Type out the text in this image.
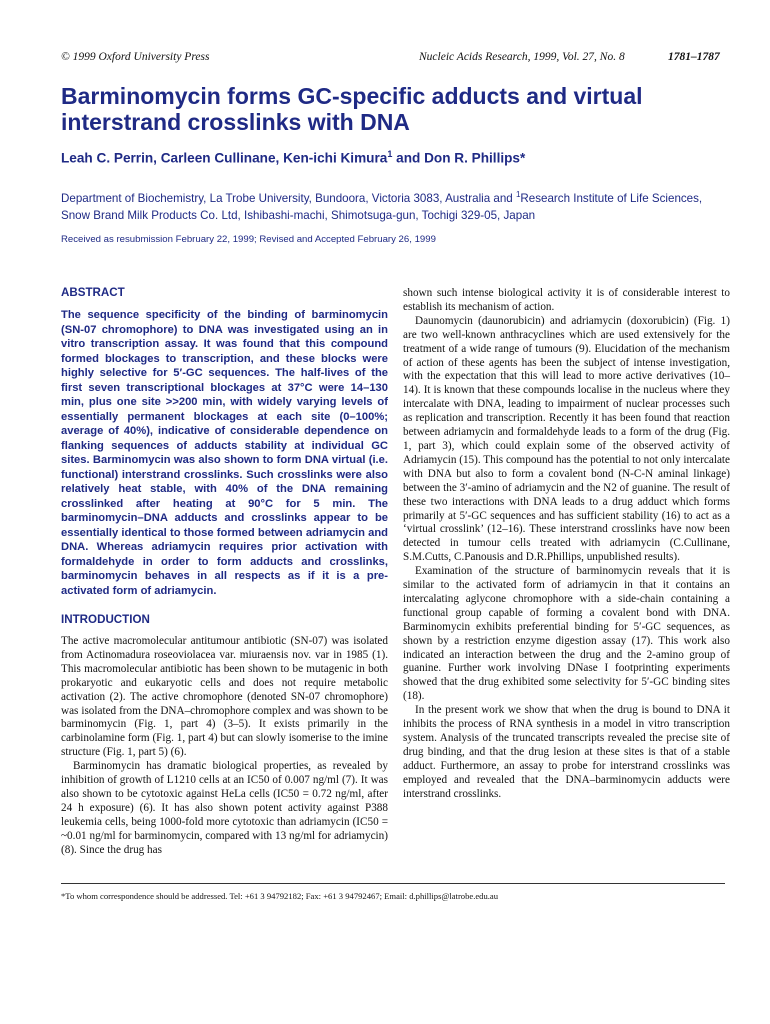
© 1999 Oxford University Press	Nucleic Acids Research, 1999, Vol. 27, No. 8	1781–1787
Barminomycin forms GC-specific adducts and virtual interstrand crosslinks with DNA
Leah C. Perrin, Carleen Cullinane, Ken-ichi Kimura$^1$ and Don R. Phillips*
Department of Biochemistry, La Trobe University, Bundoora, Victoria 3083, Australia and $^1$Research Institute of Life Sciences, Snow Brand Milk Products Co. Ltd, Ishibashi-machi, Shimotsuga-gun, Tochigi 329-05, Japan
Received as resubmission February 22, 1999; Revised and Accepted February 26, 1999
ABSTRACT

The sequence specificity of the binding of barminomycin (SN-07 chromophore) to DNA was investigated using an in vitro transcription assay. It was found that this compound formed blockages to transcription, and these blocks were highly selective for 5′-GC sequences. The half-lives of the first seven transcriptional blockages at 37°C were 14–130 min, plus one site >>200 min, with widely varying levels of essentially permanent blockages at each site (0–100%; average of 40%), indicative of considerable dependence on flanking sequences of adducts stability at individual GC sites. Barminomycin was also shown to form DNA virtual (i.e. functional) interstrand crosslinks. Such crosslinks were also relatively heat stable, with 40% of the DNA remaining crosslinked after heating at 90°C for 5 min. The barminomycin–DNA adducts and crosslinks appear to be essentially identical to those formed between adriamycin and DNA. Whereas adriamycin requires prior activation with formaldehyde in order to form adducts and crosslinks, barminomycin behaves in all respects as if it is a pre-activated form of adriamycin.

INTRODUCTION

The active macromolecular antitumour antibiotic (SN-07) was isolated from Actinomadura roseoviolacea var. miuraensis nov. var in 1985 (1). This macromolecular antibiotic has been shown to be mutagenic in both prokaryotic and eukaryotic cells and does not require metabolic activation (2). The active chromophore (denoted SN-07 chromophore) was isolated from the DNA–chromophore complex and was shown to be barminomycin (Fig. 1, part 4) (3–5). It exists primarily in the carbinolamine form (Fig. 1, part 4) but can slowly isomerise to the imine structure (Fig. 1, part 5) (6).

Barminomycin has dramatic biological properties, as revealed by inhibition of growth of L1210 cells at an IC50 of 0.007 ng/ml (7). It was also shown to be cytotoxic against HeLa cells (IC50 = 0.72 ng/ml, after 24 h exposure) (6). It has also shown potent activity against P388 leukemia cells, being 1000-fold more cytotoxic than adriamycin (IC50 = ~0.01 ng/ml for barminomycin, compared with 13 ng/ml for adriamycin) (8). Since the drug has

shown such intense biological activity it is of considerable interest to establish its mechanism of action.

Daunomycin (daunorubicin) and adriamycin (doxorubicin) (Fig. 1) are two well-known anthracyclines which are used extensively for the treatment of a wide range of tumours (9). Elucidation of the mechanism of action of these agents has been the subject of intense investigation, with the expectation that this will lead to more active derivatives (10–14). It is known that these compounds localise in the nucleus where they intercalate with DNA, leading to impairment of nuclear processes such as replication and transcription. Recently it has been found that reaction between adriamycin and formaldehyde leads to a form of the drug (Fig. 1, part 3), which could explain some of the observed activity of Adriamycin (15). This compound has the potential to not only intercalate with DNA but also to form a covalent bond (N-C-N aminal linkage) between the 3′-amino of adriamycin and the N2 of guanine. The result of these two interactions with DNA leads to a drug adduct which forms primarily at 5′-GC sequences and has sufficient stability (16) to act as a ‘virtual crosslink’ (12–16). These interstrand crosslinks have now been detected in tumour cells treated with adriamycin (C.Cullinane, S.M.Cutts, C.Panousis and D.R.Phillips, unpublished results).

Examination of the structure of barminomycin reveals that it is similar to the activated form of adriamycin in that it contains an intercalating aglycone chromophore with a side-chain containing a functional group capable of forming a covalent bond with DNA. Barminomycin exhibits preferential binding for 5′-GC sequences, as shown by a restriction enzyme digestion assay (17). This work also indicated an interaction between the drug and the 2-amino group of guanine. Further work involving DNase I footprinting experiments showed that the drug exhibited some selectivity for 5′-GC binding sites (18).

In the present work we show that when the drug is bound to DNA it inhibits the process of RNA synthesis in a model in vitro transcription system. Analysis of the truncated transcripts revealed the precise site of drug binding, and that the drug lesion at these sites is that of a stable adduct. Furthermore, an assay to probe for interstrand crosslinks was employed and revealed that the DNA–barminomycin adducts were interstrand crosslinks.

*To whom correspondence should be addressed. Tel: +61 3 94792182; Fax: +61 3 94792467; Email: d.phillips@latrobe.edu.au
